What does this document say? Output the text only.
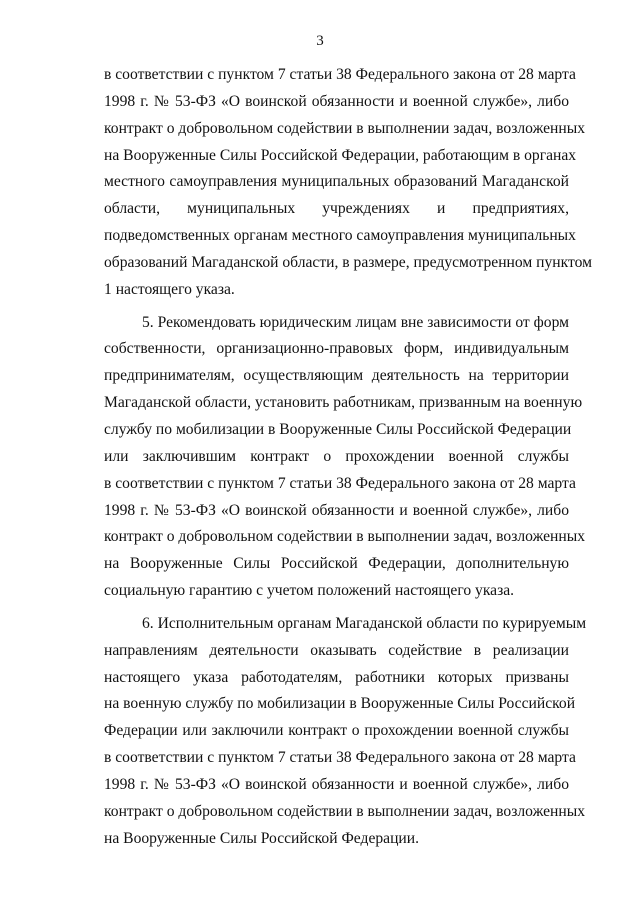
3
в соответствии с пунктом 7 статьи 38 Федерального закона от 28 марта
1998 г. № 53-ФЗ «О воинской обязанности и военной службе», либо
контракт о добровольном содействии в выполнении задач, возложенных
на Вооруженные Силы Российской Федерации, работающим в органах
местного самоуправления муниципальных образований Магаданской
области, муниципальных учреждениях и предприятиях,
подведомственных органам местного самоуправления муниципальных
образований Магаданской области, в размере, предусмотренном пунктом
1 настоящего указа.
5. Рекомендовать юридическим лицам вне зависимости от форм
собственности, организационно-правовых форм, индивидуальным
предпринимателям, осуществляющим деятельность на территории
Магаданской области, установить работникам, призванным на военную
службу по мобилизации в Вооруженные Силы Российской Федерации
или заключившим контракт о прохождении военной службы
в соответствии с пунктом 7 статьи 38 Федерального закона от 28 марта
1998 г. № 53-ФЗ «О воинской обязанности и военной службе», либо
контракт о добровольном содействии в выполнении задач, возложенных
на Вооруженные Силы Российской Федерации, дополнительную
социальную гарантию с учетом положений настоящего указа.
6. Исполнительным органам Магаданской области по курируемым
направлениям деятельности оказывать содействие в реализации
настоящего указа работодателям, работники которых призваны
на военную службу по мобилизации в Вооруженные Силы Российской
Федерации или заключили контракт о прохождении военной службы
в соответствии с пунктом 7 статьи 38 Федерального закона от 28 марта
1998 г. № 53-ФЗ «О воинской обязанности и военной службе», либо
контракт о добровольном содействии в выполнении задач, возложенных
на Вооруженные Силы Российской Федерации.
